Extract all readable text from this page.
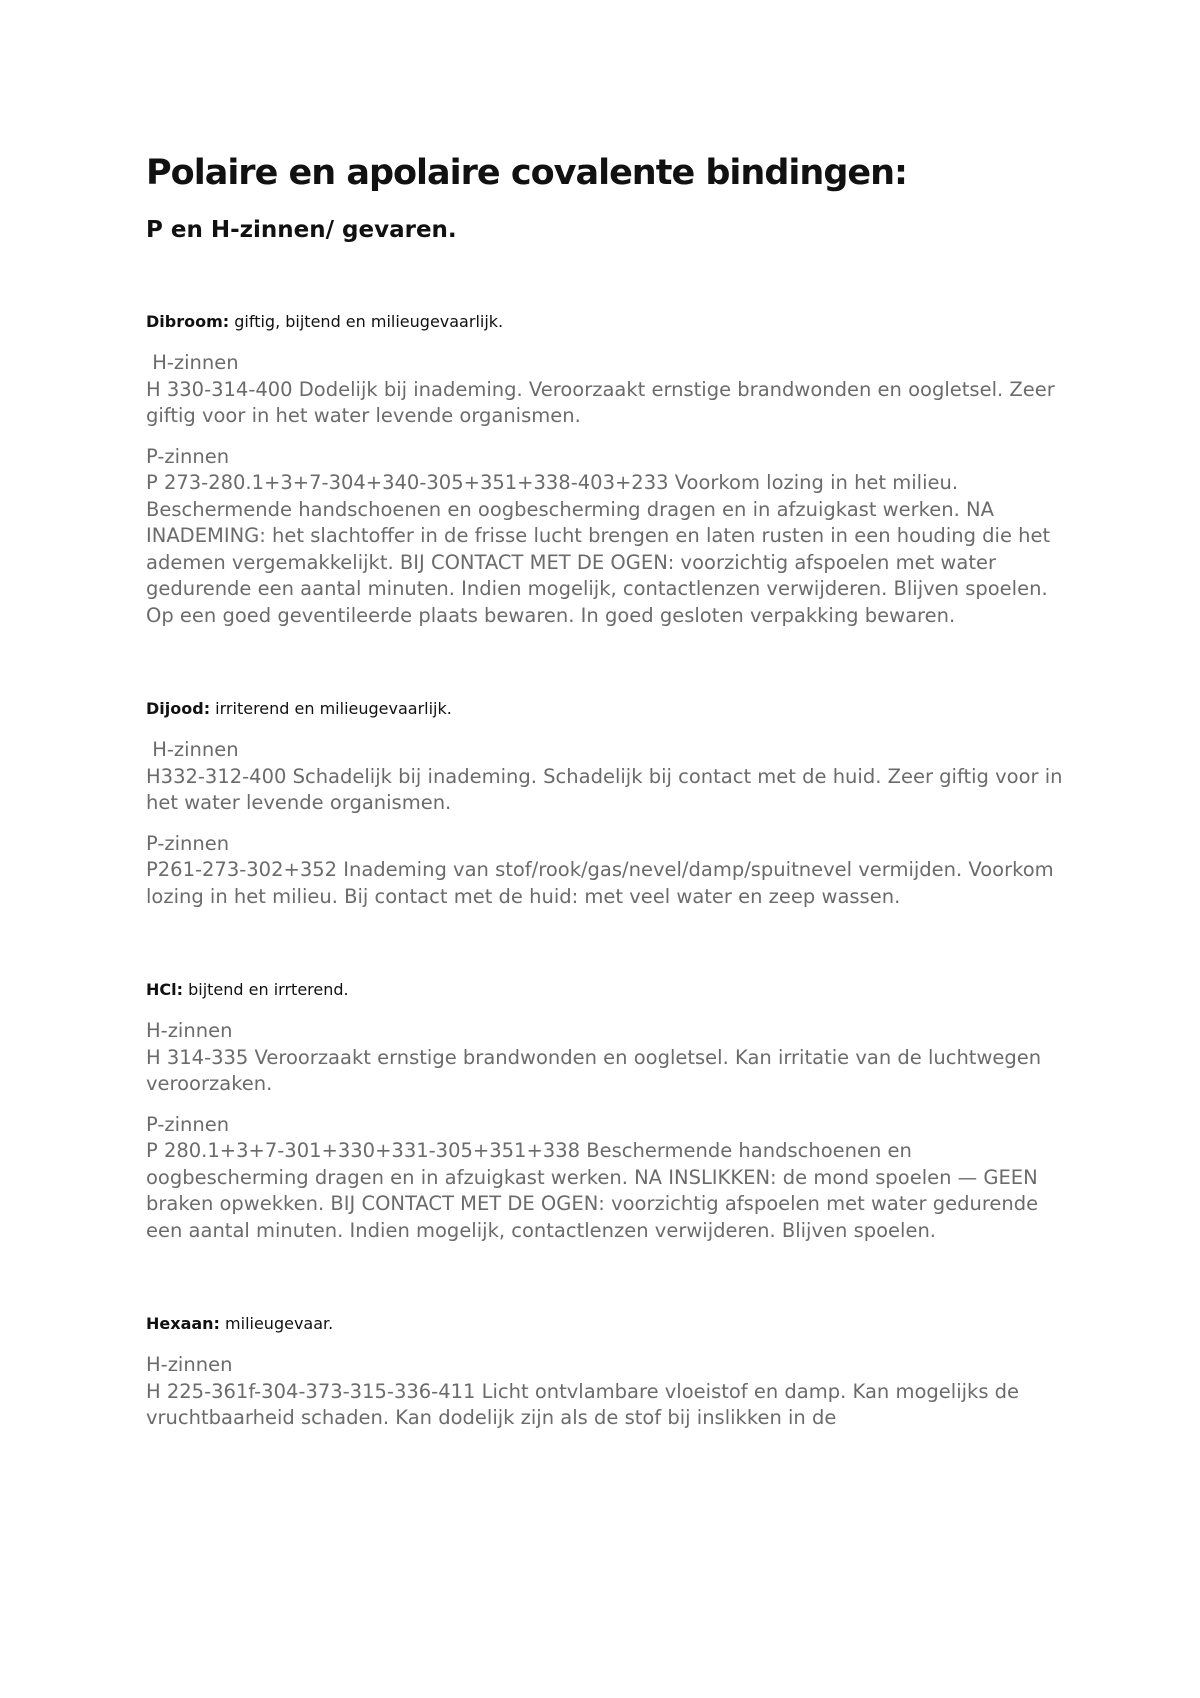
Polaire en apolaire covalente bindingen:
P en H-zinnen/ gevaren.

Dibroom: giftig, bijtend en milieugevaarlijk.

H-zinnen

H 330-314-400 Dodelijk bij inademing. Veroorzaakt ernstige brandwonden en oogletsel. Zeer giftig voor in het water levende organismen.

P-zinnen

P 273-280.1+3+7-304+340-305+351+338-403+233 Voorkom lozing in het milieu. Beschermende handschoenen en oogbescherming dragen en in afzuigkast werken. NA INADEMING: het slachtoffer in de frisse lucht brengen en laten rusten in een houding die het ademen vergemakkelijkt. BIJ CONTACT MET DE OGEN: voorzichtig afspoelen met water gedurende een aantal minuten. Indien mogelijk, contactlenzen verwijderen. Blijven spoelen. Op een goed geventileerde plaats bewaren. In goed gesloten verpakking bewaren.

Dijood: irriterend en milieugevaarlijk.

H-zinnen

H332-312-400 Schadelijk bij inademing. Schadelijk bij contact met de huid. Zeer giftig voor in het water levende organismen.

P-zinnen

P261-273-302+352 Inademing van stof/rook/gas/nevel/damp/spuitnevel vermijden. Voorkom lozing in het milieu. Bij contact met de huid: met veel water en zeep wassen.

HCl: bijtend en irrterend.

H-zinnen

H 314-335 Veroorzaakt ernstige brandwonden en oogletsel. Kan irritatie van de luchtwegen veroorzaken.

P-zinnen

P 280.1+3+7-301+330+331-305+351+338 Beschermende handschoenen en oogbescherming dragen en in afzuigkast werken. NA INSLIKKEN: de mond spoelen — GEEN braken opwekken. BIJ CONTACT MET DE OGEN: voorzichtig afspoelen met water gedurende een aantal minuten. Indien mogelijk, contactlenzen verwijderen. Blijven spoelen.

Hexaan: milieugevaar.

H-zinnen

H 225-361f-304-373-315-336-411 Licht ontvlambare vloeistof en damp. Kan mogelijks de vruchtbaarheid schaden. Kan dodelijk zijn als de stof bij inslikken in de
